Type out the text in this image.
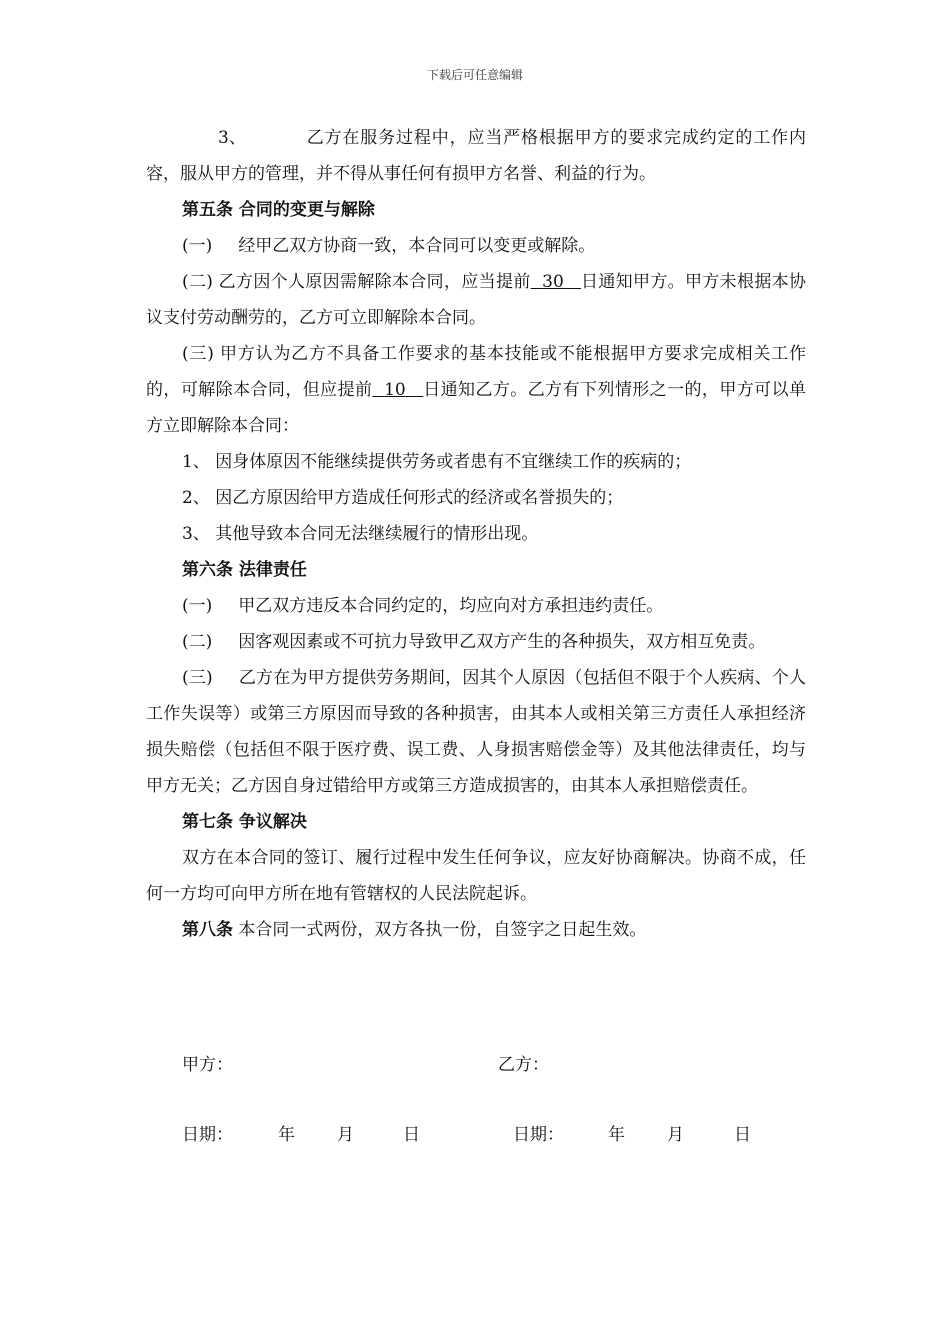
下载后可任意编辑

3、	乙方在服务过程中，应当严格根据甲方的要求完成约定的工作内容，服从甲方的管理，并不得从事任何有损甲方名誉、利益的行为。

第五条 合同的变更与解除

(一) 经甲乙双方协商一致，本合同可以变更或解除。

(二) 乙方因个人原因需解除本合同，应当提前 30 日通知甲方。甲方未根据本协议支付劳动酬劳的，乙方可立即解除本合同。

(三) 甲方认为乙方不具备工作要求的基本技能或不能根据甲方要求完成相关工作的，可解除本合同，但应提前 10 日通知乙方。乙方有下列情形之一的，甲方可以单方立即解除本合同：

1、 因身体原因不能继续提供劳务或者患有不宜继续工作的疾病的；

2、 因乙方原因给甲方造成任何形式的经济或名誉损失的；

3、 其他导致本合同无法继续履行的情形出现。

第六条 法律责任

(一) 甲乙双方违反本合同约定的，均应向对方承担违约责任。

(二) 因客观因素或不可抗力导致甲乙双方产生的各种损失，双方相互免责。

(三) 乙方在为甲方提供劳务期间，因其个人原因（包括但不限于个人疾病、个人工作失误等）或第三方原因而导致的各种损害，由其本人或相关第三方责任人承担经济损失赔偿（包括但不限于医疗费、误工费、人身损害赔偿金等）及其他法律责任，均与甲方无关；乙方因自身过错给甲方或第三方造成损害的，由其本人承担赔偿责任。

第七条 争议解决

双方在本合同的签订、履行过程中发生任何争议，应友好协商解决。协商不成，任何一方均可向甲方所在地有管辖权的人民法院起诉。

第八条 本合同一式两份，双方各执一份，自签字之日起生效。

甲方：	乙方：
日期：	年 月	日	日期：	年 月	日
